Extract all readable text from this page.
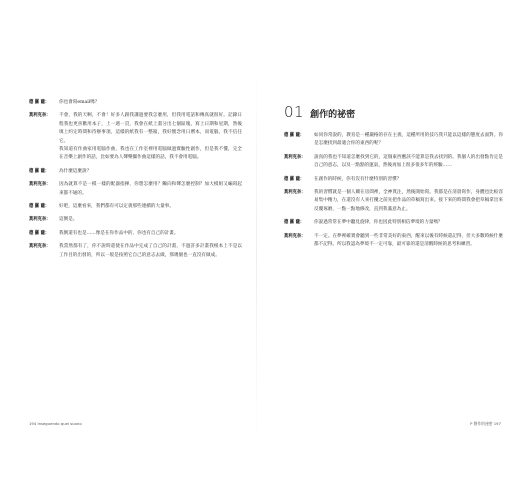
德 羅 薩：	你也會寫email嗎？
莫利克奈：	不會，我的天啊，不會！好多人跟我講過要我怎麼用，但我用電話和傳真就很好。記錄日程我也更喜歡用本子，上一週一頁，我會在紙上畫分出七個區塊，寫上日期和星期，然後填上約定時間和待辦事項。這樣的紙我有一整箱，我好懷念用日曆本，而電腦，我不信任它。

我知道有作曲家用電腦作曲，我也在工作室裡用電腦做過實驗性創作，但是我不懂，完全在音樂上創作的話，比如要為人聲樂團作曲這樣的話，我不會用電腦。

德 羅 薩：	為什麼這麼說？
莫利克奈：	因為就算不是一模一樣的配器指揮，你想怎麼用？觸向和聲怎麼控制？加大模組又編寫起來都不通的。
德 羅 薩：	好吧，這麼看來，我們都有可以定義那些連續的大量事。
莫利克奈：	這倒是。
德 羅 薩：	我倒還有也是……像是在你作品中的，你也有自己的計畫。
莫利克奈：	我當然都有了，你不說時還使在作品中完成了自己的計畫，不過許多計畫我根本上不是以工作目的出發的，所以一般是按照它自己的意志去做，那幾個也一直沒有做成。
194 Inseguendo quel suono
01 創作的祕密
德 羅 薩：	如同你常說的，教育是一種嚴格的存在主義，這種所用的技巧我只能以這樣的態度去面對。你是怎麼找到最適合你的東西的呢？
莫利克奈：	說真的我也不知道怎麼找到它的，這個東西應該不能算是我去找到的。我個人的出發點肯定是自己的意志，以及一點點的運氣，然後再加上很多很多年的經驗……
德 羅 薩：	在創作的時候，你有沒有什麼特別的習慣？
莫利克奈：	我的習慣就是一個人關在房間裡，全神貫注，然後開始寫。我都是在清晨寫作，身體也比較容易集中精力，在還沒有人來打擾之前先把作品的草稿寫出來。接下來的時間我會把草稿拿出來反覆琢磨，一點一點地修改，直到我滿意為止。
德 羅 薩：	你說過常常在夢中聽見旋律，你也因此特別相信夢境的力量嗎？
莫利克奈：	不一定。在夢裡確實會聽到一些非常美好的東西，醒來以後有時候還記得，但大多數時候什麼都不記得。所以我認為夢境不一定可靠，最可靠的還是清醒時候的思考和練習。
P 創作的祕密 197
